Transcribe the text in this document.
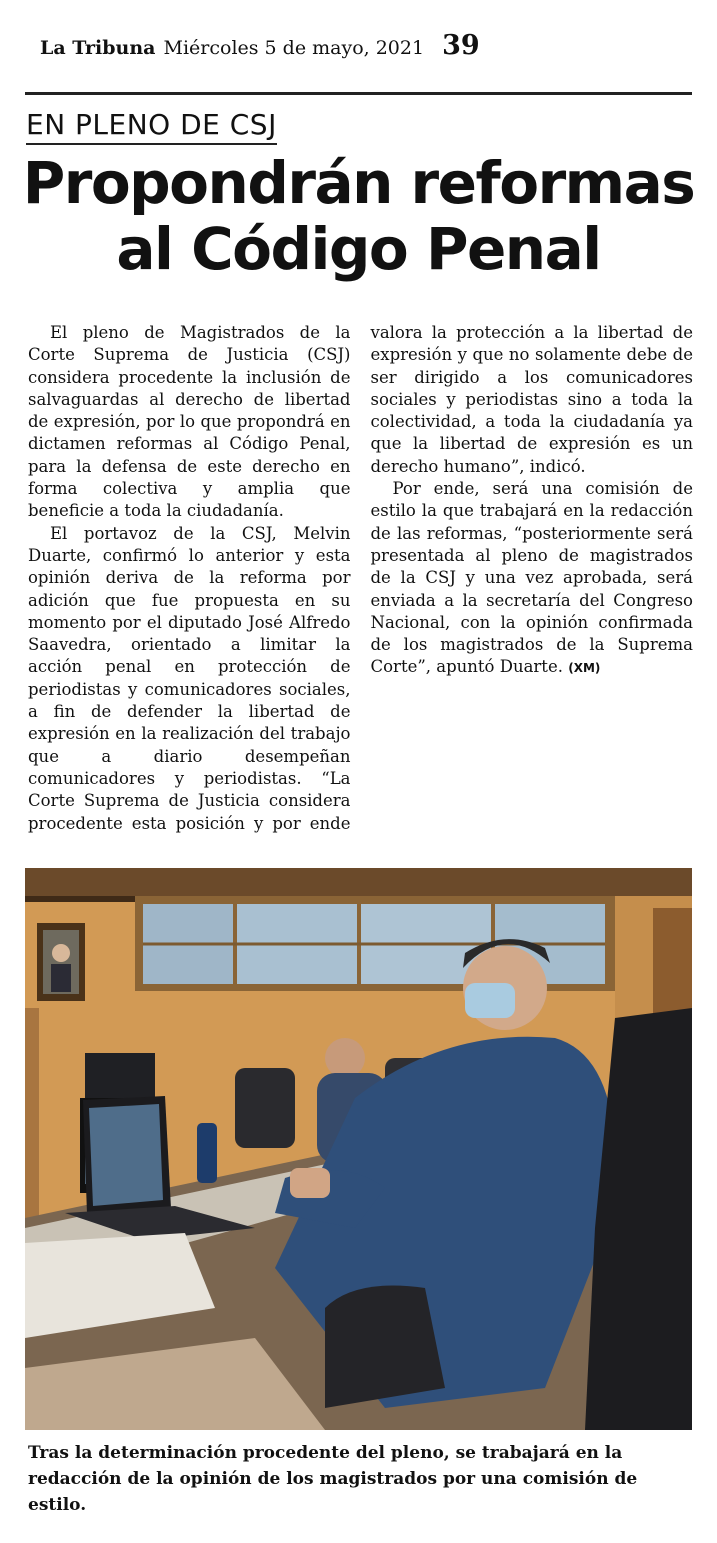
La Tribuna Miércoles 5 de mayo, 2021 39
EN PLENO DE CSJ
Propondrán reformas
al Código Penal

El pleno de Magistrados de la Corte Suprema de Justicia (CSJ) considera procedente la inclusión de salvaguardas al derecho de libertad de expresión, por lo que propondrá en dictamen reformas al Código Penal, para la defensa de este derecho en forma colectiva y amplia que beneficie a toda la ciudadanía.

El portavoz de la CSJ, Melvin Duarte, confirmó lo anterior y esta opinión deriva de la reforma por adición que fue propuesta en su momento por el diputado José Alfredo Saavedra, orientado a limitar la acción penal en protección de periodistas y comunicadores sociales, a fin de defender la libertad de expresión en la realización del trabajo que a diario desempeñan comunicadores y periodistas. “La Corte Suprema de Justicia considera procedente esta posición y por ende valora la protección a la libertad de expresión y que no solamente debe de ser dirigido a los comunicadores sociales y periodistas sino a toda la colectividad, a toda la ciudadanía ya que la libertad de expresión es un derecho humano”, indicó.

Por ende, será una comisión de estilo la que trabajará en la redacción de las reformas, “posteriormente será presentada al pleno de magistrados de la CSJ y una vez aprobada, será enviada a la secretaría del Congreso Nacional, con la opinión confirmada de los magistrados de la Suprema Corte”, apuntó Duarte. (XM)

Tras la determinación procedente del pleno, se trabajará en la redacción de la opinión de los magistrados por una comisión de estilo.
